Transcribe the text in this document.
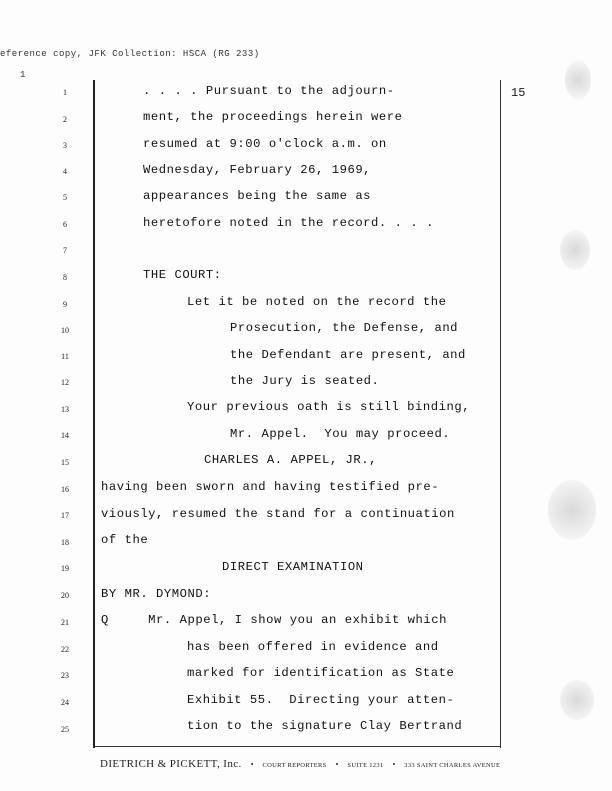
eference copy, JFK Collection: HSCA (RG 233)
1
15
1
2
3
4
5
6
7
8
9
10
11
12
13
14
15
16
17
18
19
20
21
22
23
24
25
. . . . Pursuant to the adjourn-
ment, the proceedings herein were
resumed at 9:00 o'clock a.m. on
Wednesday, February 26, 1969,
appearances being the same as
heretofore noted in the record. . . .
THE COURT:
Let it be noted on the record the
Prosecution, the Defense, and
the Defendant are present, and
the Jury is seated.
Your previous oath is still binding,
Mr. Appel.  You may proceed.
CHARLES A. APPEL, JR.,
having been sworn and having testified pre-
viously, resumed the stand for a continuation
of the
DIRECT EXAMINATION
BY MR. DYMOND:
Q     Mr. Appel, I show you an exhibit which
has been offered in evidence and
marked for identification as State
Exhibit 55.  Directing your atten-
tion to the signature Clay Bertrand
DIETRICH & PICKETT, Inc. • COURT REPORTERS • SUITE 1231 • 333 SAINT CHARLES AVENUE
